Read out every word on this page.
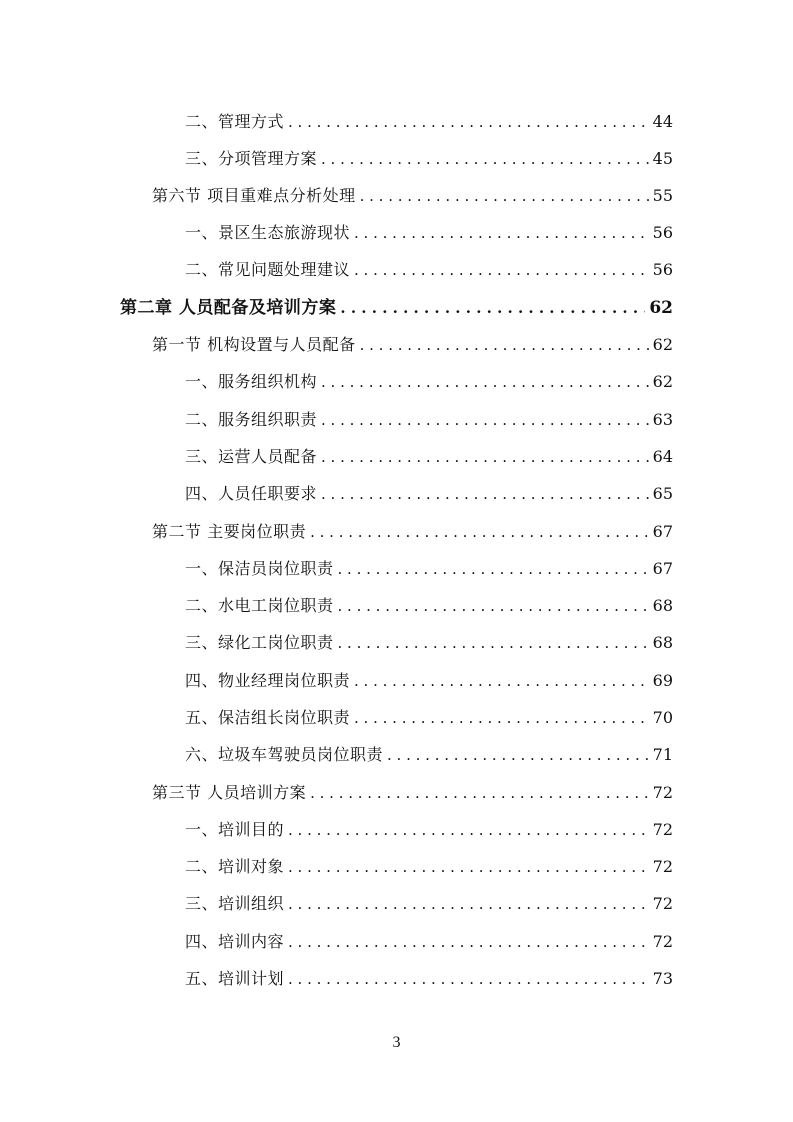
二、管理方式 . . .	44
三、分项管理方案 . . .	45
第六节 项目重难点分析处理 . . .	55
一、景区生态旅游现状 . . .	56
二、常见问题处理建议 . . .	56
第二章 人员配备及培训方案 . . .	62
第一节 机构设置与人员配备 . . .	62
一、服务组织机构 . . .	62
二、服务组织职责 . . .	63
三、运营人员配备 . . .	64
四、人员任职要求 . . .	65
第二节 主要岗位职责 . . .	67
一、保洁员岗位职责 . . .	67
二、水电工岗位职责 . . .	68
三、绿化工岗位职责 . . .	68
四、物业经理岗位职责 . . .	69
五、保洁组长岗位职责 . . .	70
六、垃圾车驾驶员岗位职责 . . .	71
第三节 人员培训方案 . . .	72
一、培训目的 . . .	72
二、培训对象 . . .	72
三、培训组织 . . .	72
四、培训内容 . . .	72
五、培训计划 . . .	73
3
